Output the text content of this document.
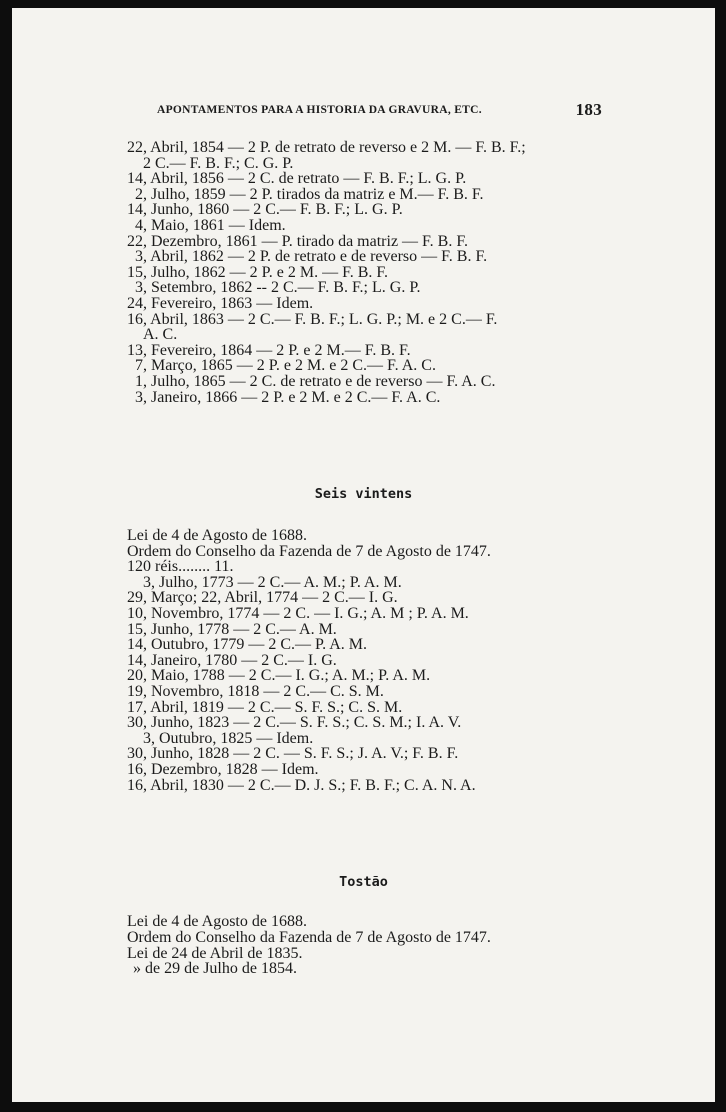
APONTAMENTOS PARA A HISTORIA DA GRAVURA, ETC.	183
22, Abril, 1854 — 2 P. de retrato de reverso e 2 M. — F. B. F.;
2 C.— F. B. F.; C. G. P.
14, Abril, 1856 — 2 C. de retrato — F. B. F.; L. G. P.
2, Julho, 1859 — 2 P. tirados da matriz e M.— F. B. F.
14, Junho, 1860 — 2 C.— F. B. F.; L. G. P.
4, Maio, 1861 — Idem.
22, Dezembro, 1861 — P. tirado da matriz — F. B. F.
3, Abril, 1862 — 2 P. de retrato e de reverso — F. B. F.
15, Julho, 1862 — 2 P. e 2 M. — F. B. F.
3, Setembro, 1862 -- 2 C.— F. B. F.; L. G. P.
24, Fevereiro, 1863 — Idem.
16, Abril, 1863 — 2 C.— F. B. F.; L. G. P.; M. e 2 C.— F.
A. C.
13, Fevereiro, 1864 — 2 P. e 2 M.— F. B. F.
7, Março, 1865 — 2 P. e 2 M. e 2 C.— F. A. C.
1, Julho, 1865 — 2 C. de retrato e de reverso — F. A. C.
3, Janeiro, 1866 — 2 P. e 2 M. e 2 C.— F. A. C.
Seis vintens
Lei de 4 de Agosto de 1688.
Ordem do Conselho da Fazenda de 7 de Agosto de 1747.
120 réis........ 11.
3, Julho, 1773 — 2 C.— A. M.; P. A. M.
29, Março; 22, Abril, 1774 — 2 C.— I. G.
10, Novembro, 1774 — 2 C. — I. G.; A. M ; P. A. M.
15, Junho, 1778 — 2 C.— A. M.
14, Outubro, 1779 — 2 C.— P. A. M.
14, Janeiro, 1780 — 2 C.— I. G.
20, Maio, 1788 — 2 C.— I. G.; A. M.; P. A. M.
19, Novembro, 1818 — 2 C.— C. S. M.
17, Abril, 1819 — 2 C.— S. F. S.; C. S. M.
30, Junho, 1823 — 2 C.— S. F. S.; C. S. M.; I. A. V.
3, Outubro, 1825 — Idem.
30, Junho, 1828 — 2 C. — S. F. S.; J. A. V.; F. B. F.
16, Dezembro, 1828 — Idem.
16, Abril, 1830 — 2 C.— D. J. S.; F. B. F.; C. A. N. A.
Tostão
Lei de 4 de Agosto de 1688.
Ordem do Conselho da Fazenda de 7 de Agosto de 1747.
Lei de 24 de Abril de 1835.
» de 29 de Julho de 1854.
